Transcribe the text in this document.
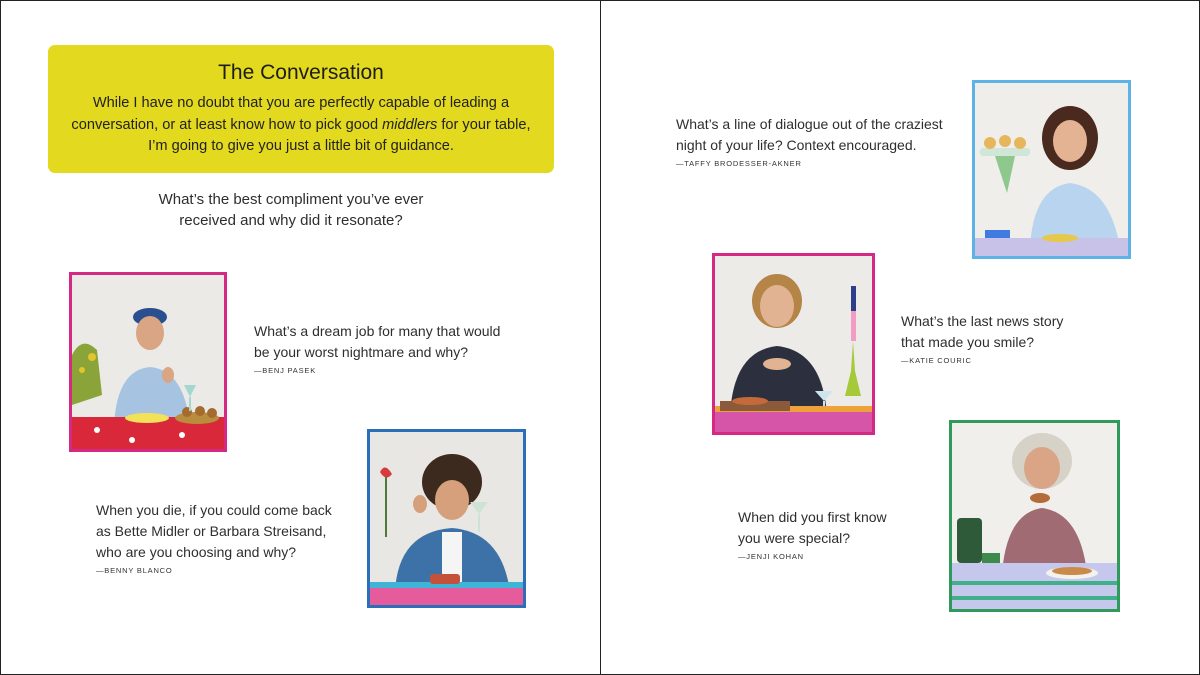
The Conversation
While I have no doubt that you are perfectly capable of leading a
conversation, or at least know how to pick good middlers for your table,
I’m going to give you just a little bit of guidance.
What’s the best compliment you’ve ever
received and why did it resonate?
What’s a dream job for many that would
be your worst nightmare and why?
—BENJ PASEK
When you die, if you could come back
as Bette Midler or Barbara Streisand,
who are you choosing and why?
—BENNY BLANCO
What’s a line of dialogue out of the craziest
night of your life? Context encouraged.
—TAFFY BRODESSER-AKNER
What’s the last news story
that made you smile?
—KATIE COURIC
When did you first know
you were special?
—JENJI KOHAN
